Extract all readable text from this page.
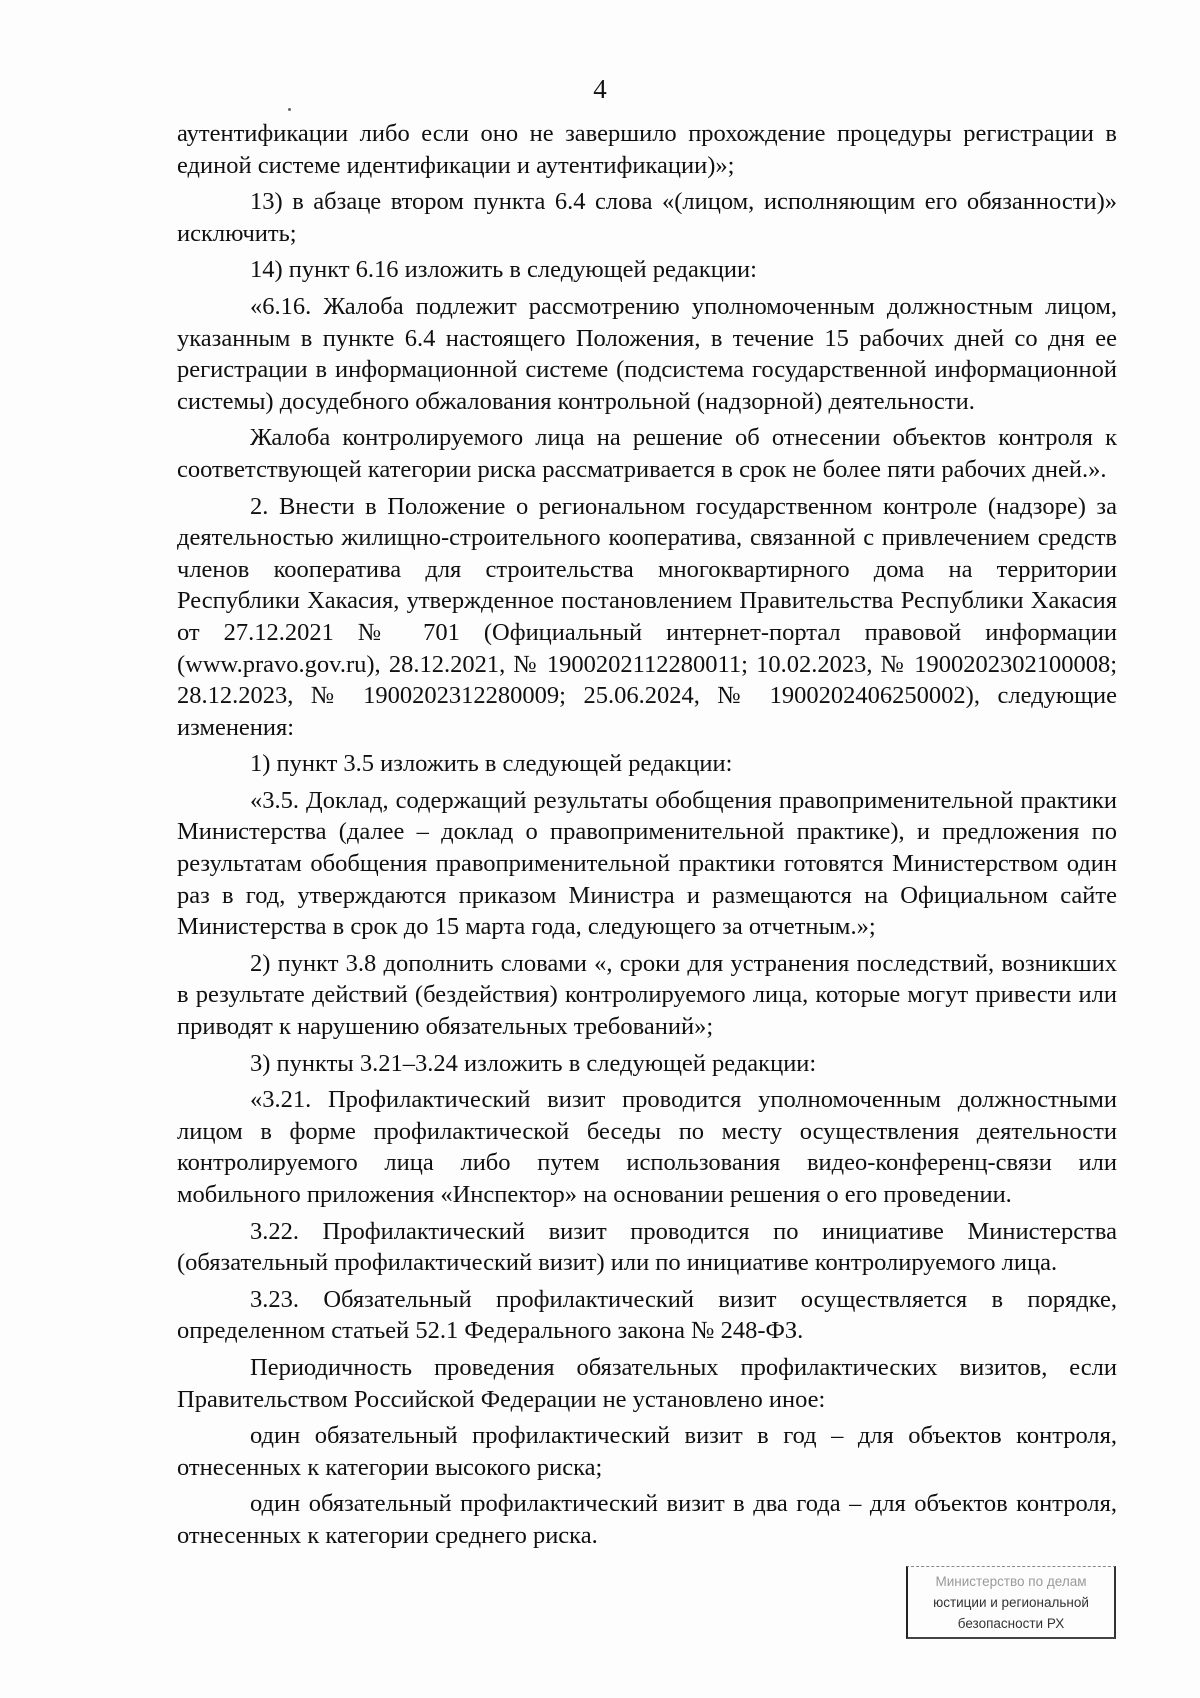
4

аутентификации либо если оно не завершило прохождение процедуры регистрации в единой системе идентификации и аутентификации)»;

13) в абзаце втором пункта 6.4 слова «(лицом, исполняющим его обязанности)» исключить;

14) пункт 6.16 изложить в следующей редакции:

«6.16. Жалоба подлежит рассмотрению уполномоченным должностным лицом, указанным в пункте 6.4 настоящего Положения, в течение 15 рабочих дней со дня ее регистрации в информационной системе (подсистема государственной информационной системы) досудебного обжалования контрольной (надзорной) деятельности.

Жалоба контролируемого лица на решение об отнесении объектов контроля к соответствующей категории риска рассматривается в срок не более пяти рабочих дней.».

2. Внести в Положение о региональном государственном контроле (надзоре) за деятельностью жилищно-строительного кооператива, связанной с привлечением средств членов кооператива для строительства многоквартирного дома на территории Республики Хакасия, утвержденное постановлением Правительства Республики Хакасия от 27.12.2021 № 701 (Официальный интернет-портал правовой информации (www.pravo.gov.ru), 28.12.2021, № 1900202112280011; 10.02.2023, № 1900202302100008; 28.12.2023, № 1900202312280009; 25.06.2024, № 1900202406250002), следующие изменения:

1) пункт 3.5 изложить в следующей редакции:

«3.5. Доклад, содержащий результаты обобщения правоприменительной практики Министерства (далее – доклад о правоприменительной практике), и предложения по результатам обобщения правоприменительной практики готовятся Министерством один раз в год, утверждаются приказом Министра и размещаются на Официальном сайте Министерства в срок до 15 марта года, следующего за отчетным.»;

2) пункт 3.8 дополнить словами «, сроки для устранения последствий, возникших в результате действий (бездействия) контролируемого лица, которые могут привести или приводят к нарушению обязательных требований»;

3) пункты 3.21–3.24 изложить в следующей редакции:

«3.21. Профилактический визит проводится уполномоченным должностными лицом в форме профилактической беседы по месту осуществления деятельности контролируемого лица либо путем использования видео-конференц-связи или мобильного приложения «Инспектор» на основании решения о его проведении.

3.22. Профилактический визит проводится по инициативе Министерства (обязательный профилактический визит) или по инициативе контролируемого лица.

3.23. Обязательный профилактический визит осуществляется в порядке, определенном статьей 52.1 Федерального закона № 248-ФЗ.

Периодичность проведения обязательных профилактических визитов, если Правительством Российской Федерации не установлено иное:

один обязательный профилактический визит в год – для объектов контроля, отнесенных к категории высокого риска;

один обязательный профилактический визит в два года – для объектов контроля, отнесенных к категории среднего риска.

Министерство по делам
юстиции и региональной
безопасности РХ
